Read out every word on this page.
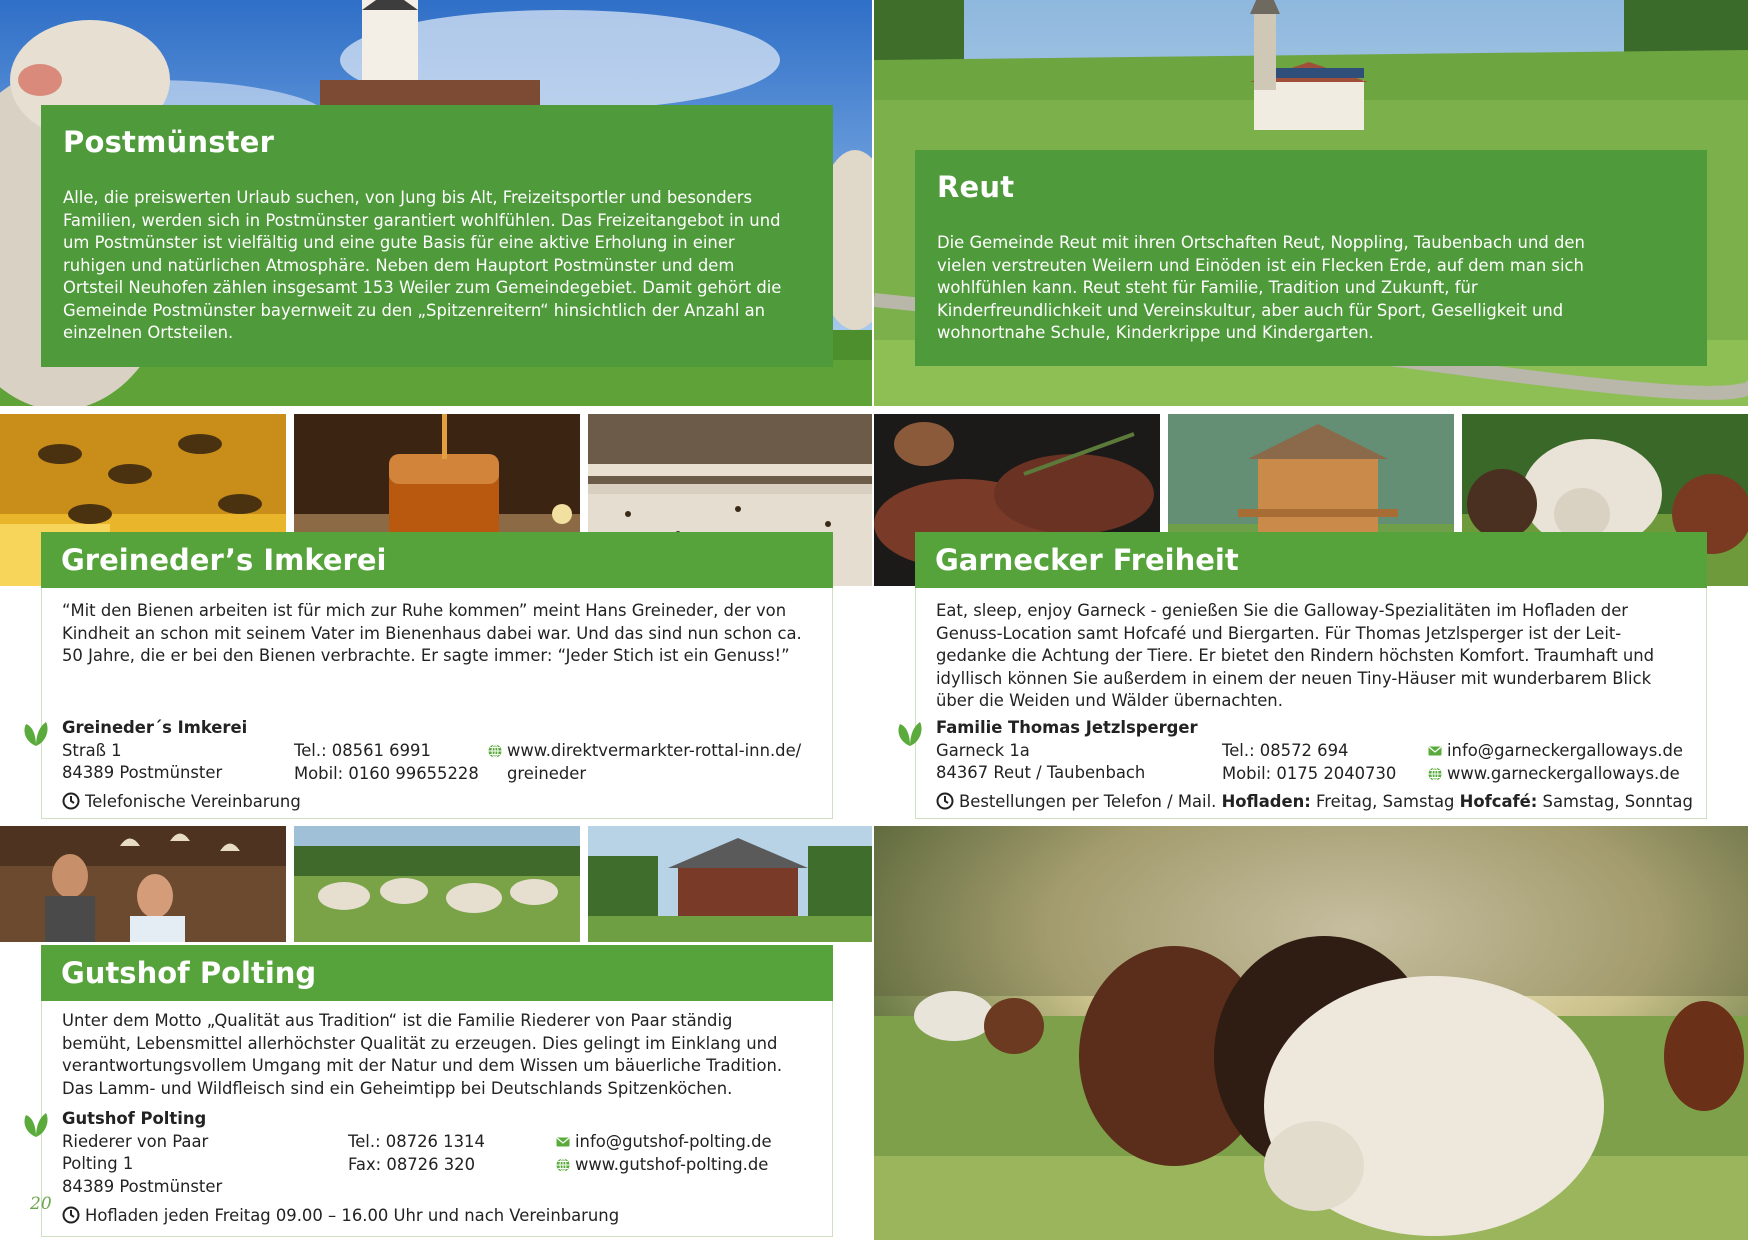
Postmünster

Alle, die preiswerten Urlaub suchen, von Jung bis Alt, Freizeitsportler und besonders Familien, werden sich in Postmünster garantiert wohlfühlen. Das Freizeitangebot in und um Postmünster ist vielfältig und eine gute Basis für eine aktive Erholung in einer ruhigen und natürlichen Atmosphäre. Neben dem Hauptort Postmünster und dem Ortsteil Neuhofen zählen insgesamt 153 Weiler zum Gemeindegebiet. Damit gehört die Gemeinde Postmünster bayernweit zu den „Spitzenreitern“ hinsichtlich der Anzahl an einzelnen Ortsteilen.

Reut

Die Gemeinde Reut mit ihren Ortschaften Reut, Noppling, Taubenbach und den vielen verstreuten Weilern und Einöden ist ein Flecken Erde, auf dem man sich wohlfühlen kann. Reut steht für Familie, Tradition und Zukunft, für Kinderfreundlichkeit und Vereinskultur, aber auch für Sport, Geselligkeit und wohnortnahe Schule, Kinderkrippe und Kindergarten.

Greineder’s Imkerei

“Mit den Bienen arbeiten ist für mich zur Ruhe kommen” meint Hans Greineder, der von Kindheit an schon mit seinem Vater im Bienenhaus dabei war. Und das sind nun schon ca. 50 Jahre, die er bei den Bienen verbrachte. Er sagte immer: “Jeder Stich ist ein Genuss!”

Greineder´s Imkerei
Straß 1
84389 Postmünster
Tel.: 08561 6991
Mobil: 0160 99655228
www.direktvermarkter-rottal-inn.de/
greineder
Telefonische Vereinbarung
Garnecker Freiheit

Eat, sleep, enjoy Garneck - genießen Sie die Galloway-Spezialitäten im Hofladen der Genuss-Location samt Hofcafé und Biergarten. Für Thomas Jetzlsperger ist der Leit-gedanke die Achtung der Tiere. Er bietet den Rindern höchsten Komfort. Traumhaft und idyllisch können Sie außerdem in einem der neuen Tiny-Häuser mit wunderbarem Blick über die Weiden und Wälder übernachten.

Familie Thomas Jetzlsperger
Garneck 1a
84367 Reut / Taubenbach
Tel.: 08572 694
Mobil: 0175 2040730
info@garneckergalloways.de
www.garneckergalloways.de
Bestellungen per Telefon / Mail. Hofladen: Freitag, Samstag Hofcafé: Samstag, Sonntag
Gutshof Polting

Unter dem Motto „Qualität aus Tradition“ ist die Familie Riederer von Paar ständig bemüht, Lebensmittel allerhöchster Qualität zu erzeugen. Dies gelingt im Einklang und verantwortungsvollem Umgang mit der Natur und dem Wissen um bäuerliche Tradition. Das Lamm- und Wildfleisch sind ein Geheimtipp bei Deutschlands Spitzenköchen.

Gutshof Polting
Riederer von Paar
Polting 1
84389 Postmünster
Tel.: 08726 1314
Fax: 08726 320
info@gutshof-polting.de
www.gutshof-polting.de
Hofladen jeden Freitag 09.00 – 16.00 Uhr und nach Vereinbarung
20
